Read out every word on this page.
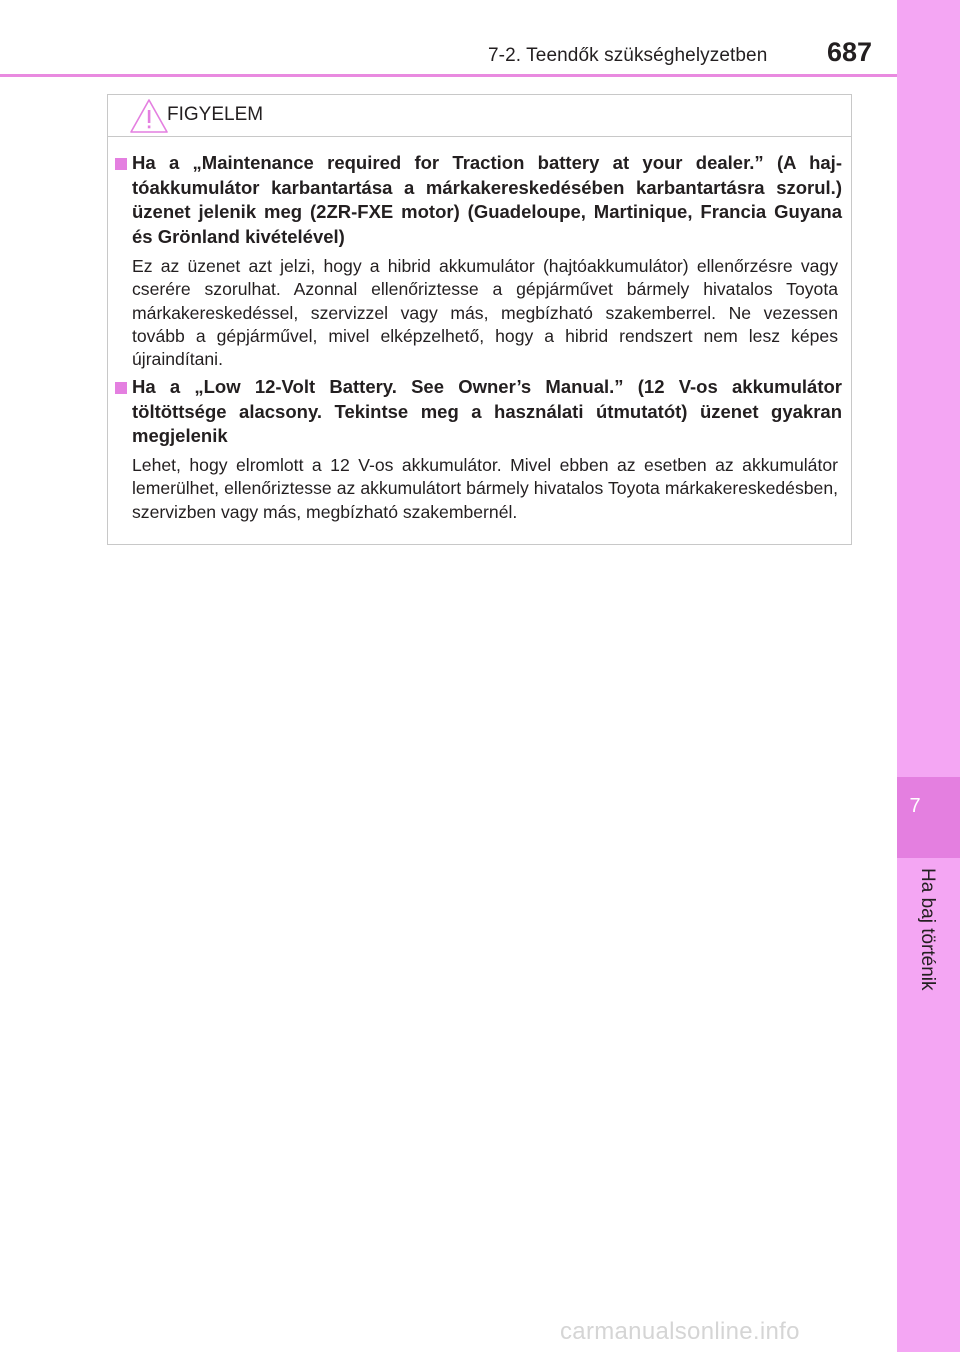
7
Ha baj történik
7-2. Teendők szükséghelyzetben 687
FIGYELEM
Ha a „Maintenance required for Traction battery at your dealer.” (A hajtóakkumulátor karbantartása a márkakereskedésében karbantartásra szorul.) üzenet jelenik meg (2ZR-FXE motor) (Guadeloupe, Martinique, Francia Guyana és Grönland kivételével)
Ez az üzenet azt jelzi, hogy a hibrid akkumulátor (hajtóakkumulátor) ellenőrzésre vagy cserére szorulhat. Azonnal ellenőriztesse a gépjárművet bármely hivatalos Toyota márkakereskedéssel, szervizzel vagy más, megbízható szakemberrel. Ne vezessen tovább a gépjárművel, mivel elképzelhető, hogy a hibrid rendszert nem lesz képes újraindítani.
Ha a „Low 12-Volt Battery. See Owner’s Manual.” (12 V-os akkumulátor töltöttsége alacsony. Tekintse meg a használati útmutatót) üzenet gyakran megjelenik
Lehet, hogy elromlott a 12 V-os akkumulátor. Mivel ebben az esetben az akkumulátor lemerülhet, ellenőriztesse az akkumulátort bármely hivatalos Toyota márkakereskedésben, szervizben vagy más, megbízható szakembernél.
carmanualsonline.info
